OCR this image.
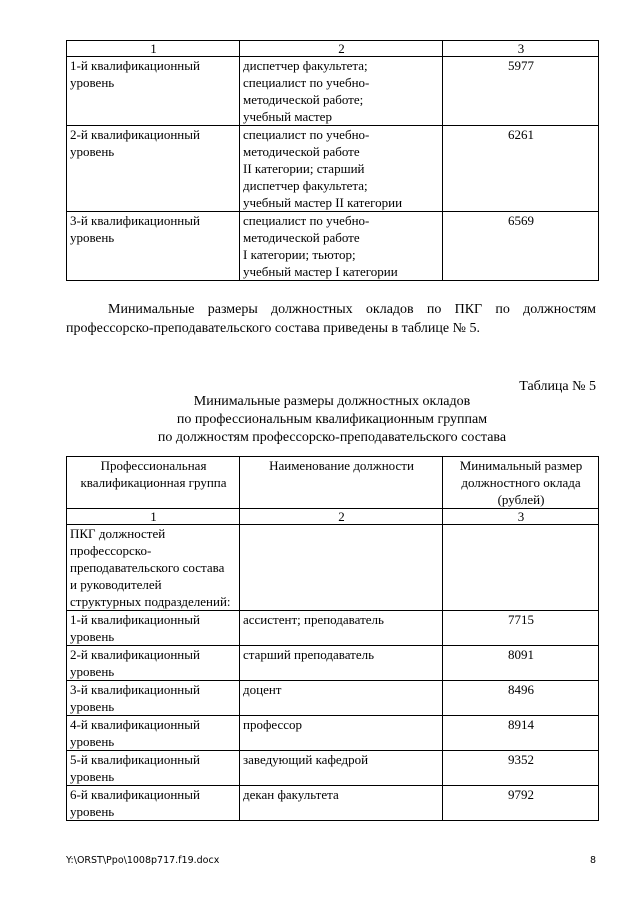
1	2	3
1-й квалификационный уровень	диспетчер факультета;
специалист по учебно-
методической работе;
учебный мастер	5977
2-й квалификационный уровень	специалист по учебно-
методической работе
II категории; старший
диспетчер факультета;
учебный мастер II категории	6261
3-й квалификационный уровень	специалист по учебно-
методической работе
I категории; тьютор;
учебный мастер I категории	6569
Минимальные размеры должностных окладов по ПКГ по должностям профессорско-преподавательского состава приведены в таблице № 5.
Таблица № 5
Минимальные размеры должностных окладов
по профессиональным квалификационным группам
по должностям профессорско-преподавательского состава
Профессиональная квалификационная группа	Наименование должности	Минимальный размер должностного оклада (рублей)
1	2	3
ПКГ должностей профессорско-преподавательского состава и руководителей структурных подразделений:		
1-й квалификационный уровень	ассистент; преподаватель	7715
2-й квалификационный уровень	старший преподаватель	8091
3-й квалификационный уровень	доцент	8496
4-й квалификационный уровень	профессор	8914
5-й квалификационный уровень	заведующий кафедрой	9352
6-й квалификационный уровень	декан факультета	9792
Y:\ORST\Ppo\1008p717.f19.docx	8
